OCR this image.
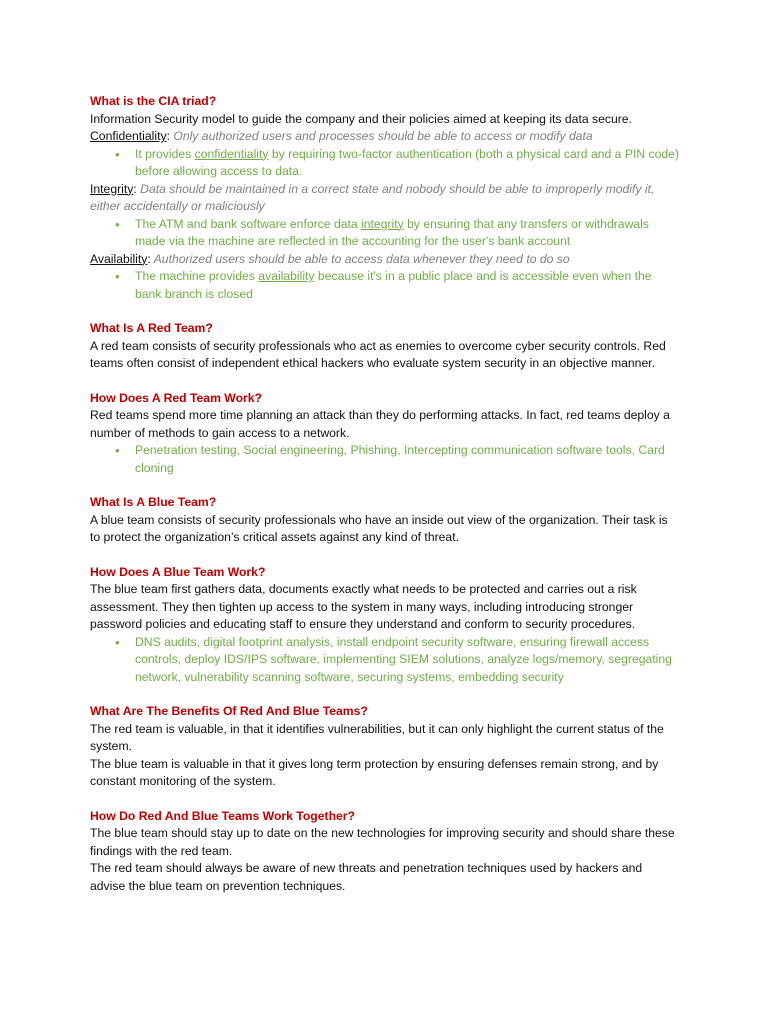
What is the CIA triad?

Information Security model to guide the company and their policies aimed at keeping its data secure.

Confidentiality: Only authorized users and processes should be able to access or modify data

• It provides confidentiality by requiring two-factor authentication (both a physical card and a PIN code) before allowing access to data.

Integrity: Data should be maintained in a correct state and nobody should be able to improperly modify it, either accidentally or maliciously

• The ATM and bank software enforce data integrity by ensuring that any transfers or withdrawals made via the machine are reflected in the accounting for the user's bank account

Availability: Authorized users should be able to access data whenever they need to do so

• The machine provides availability because it's in a public place and is accessible even when the bank branch is closed

What Is A Red Team?

A red team consists of security professionals who act as enemies to overcome cyber security controls. Red teams often consist of independent ethical hackers who evaluate system security in an objective manner.

How Does A Red Team Work?

Red teams spend more time planning an attack than they do performing attacks. In fact, red teams deploy a number of methods to gain access to a network.

• Penetration testing, Social engineering, Phishing, Intercepting communication software tools, Card cloning

What Is A Blue Team?

A blue team consists of security professionals who have an inside out view of the organization. Their task is to protect the organization’s critical assets against any kind of threat.

How Does A Blue Team Work?

The blue team first gathers data, documents exactly what needs to be protected and carries out a risk assessment. They then tighten up access to the system in many ways, including introducing stronger password policies and educating staff to ensure they understand and conform to security procedures.

• DNS audits, digital footprint analysis, install endpoint security software, ensuring firewall access controls, deploy IDS/IPS software, implementing SIEM solutions, analyze logs/memory, segregating network, vulnerability scanning software, securing systems, embedding security

What Are The Benefits Of Red And Blue Teams?

The red team is valuable, in that it identifies vulnerabilities, but it can only highlight the current status of the system.

The blue team is valuable in that it gives long term protection by ensuring defenses remain strong, and by constant monitoring of the system.

How Do Red And Blue Teams Work Together?

The blue team should stay up to date on the new technologies for improving security and should share these findings with the red team.

The red team should always be aware of new threats and penetration techniques used by hackers and advise the blue team on prevention techniques.
